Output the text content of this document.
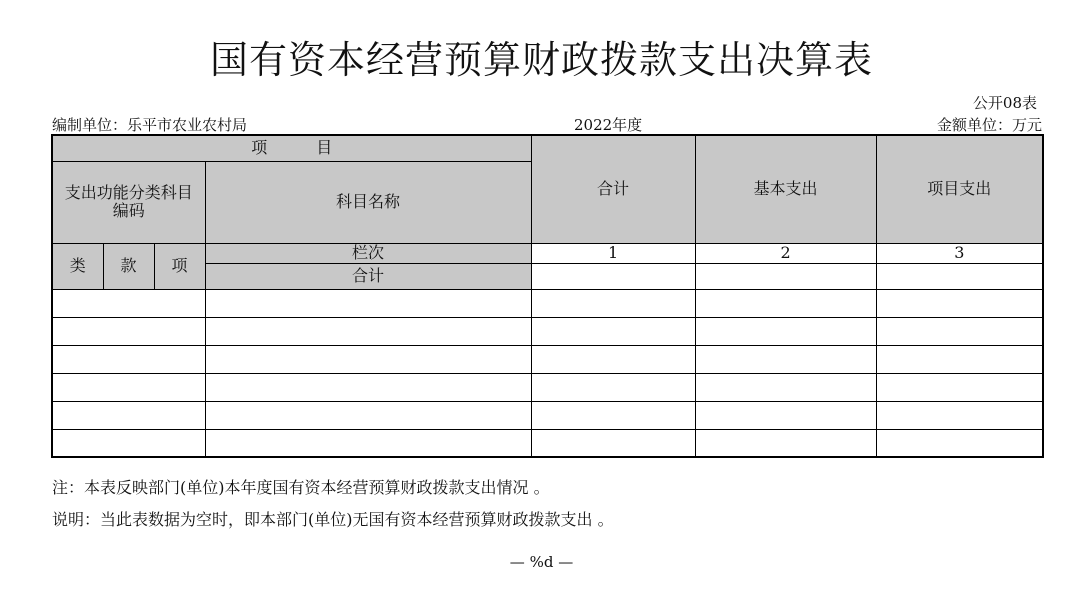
国有资本经营预算财政拨款支出决算表
公开08表
编制单位：乐平市农业农村局	2022年度	金额单位：万元
项 目				合计	基本支出	项目支出
支出功能分类科目编码			科目名称			
类	款	项	栏次	1	2	3
			合计			

注：本表反映部门(单位)本年度国有资本经营预算财政拨款支出情况 。
说明：当此表数据为空时，即本部门(单位)无国有资本经营预算财政拨款支出 。
— %d —
